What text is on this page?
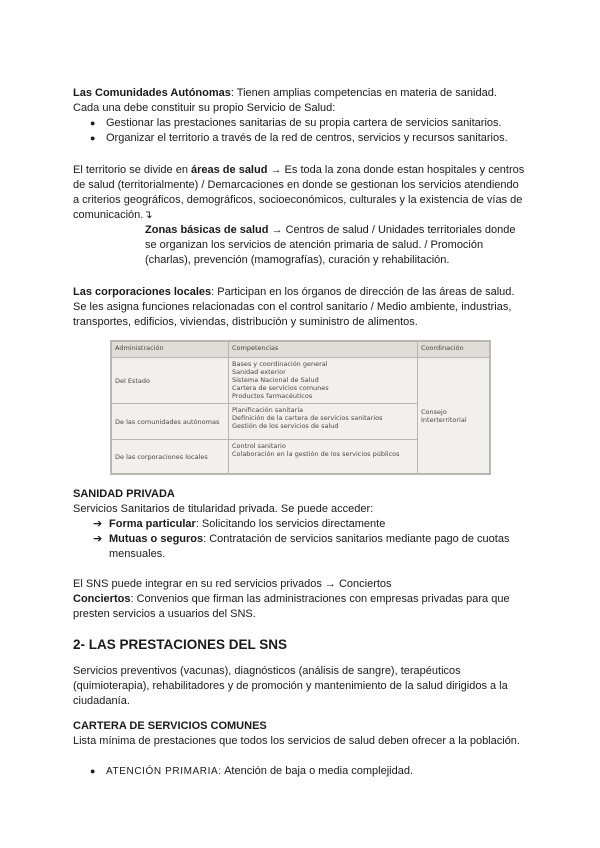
Las Comunidades Autónomas: Tienen amplias competencias en materia de sanidad.

Cada una debe constituir su propio Servicio de Salud:

● Gestionar las prestaciones sanitarias de su propia cartera de servicios sanitarios.
● Organizar el territorio a través de la red de centros, servicios y recursos sanitarios.

El territorio se divide en áreas de salud → Es toda la zona donde estan hospitales y centros

de salud (territorialmente) / Demarcaciones en donde se gestionan los servicios atendiendo

a criterios geográficos, demográficos, socioeconómicos, culturales y la existencia de vías de

comunicación.↴

Zonas básicas de salud → Centros de salud / Unidades territoriales donde

se organizan los servicios de atención primaria de salud. / Promoción

(charlas), prevención (mamografías), curación y rehabilitación.

Las corporaciones locales: Participan en los órganos de dirección de las áreas de salud.

Se les asigna funciones relacionadas con el control sanitario / Medio ambiente, industrias,

transportes, edificios, viviendas, distribución y suministro de alimentos.

Administración	Competencias	Coordinación
Del Estado	Bases y coordinación general
Sanidad exterior
Sistema Nacional de Salud
Cartera de servicios comunes
Productos farmacéuticos	Consejo Interterritorial
De las comunidades autónomas	Planificación sanitaria
Definición de la cartera de servicios sanitarios
Gestión de los servicios de salud	

De las corporaciones locales	Control sanitario
Colaboración en la gestión de los servicios públicos	
SANIDAD PRIVADA

Servicios Sanitarios de titularidad privada. Se puede acceder:

➔ Forma particular: Solicitando los servicios directamente
➔ Mutuas o seguros: Contratación de servicios sanitarios mediante pago de cuotas

mensuales.

El SNS puede integrar en su red servicios privados → Conciertos

Conciertos: Convenios que firman las administraciones con empresas privadas para que

presten servicios a usuarios del SNS.

2- LAS PRESTACIONES DEL SNS

Servicios preventivos (vacunas), diagnósticos (análisis de sangre), terapéuticos

(quimioterapia), rehabilitadores y de promoción y mantenimiento de la salud dirigidos a la

ciudadanía.

CARTERA DE SERVICIOS COMUNES

Lista mínima de prestaciones que todos los servicios de salud deben ofrecer a la población.

●	ATENCIÓN PRIMARIA: Atención de baja o media complejidad.
